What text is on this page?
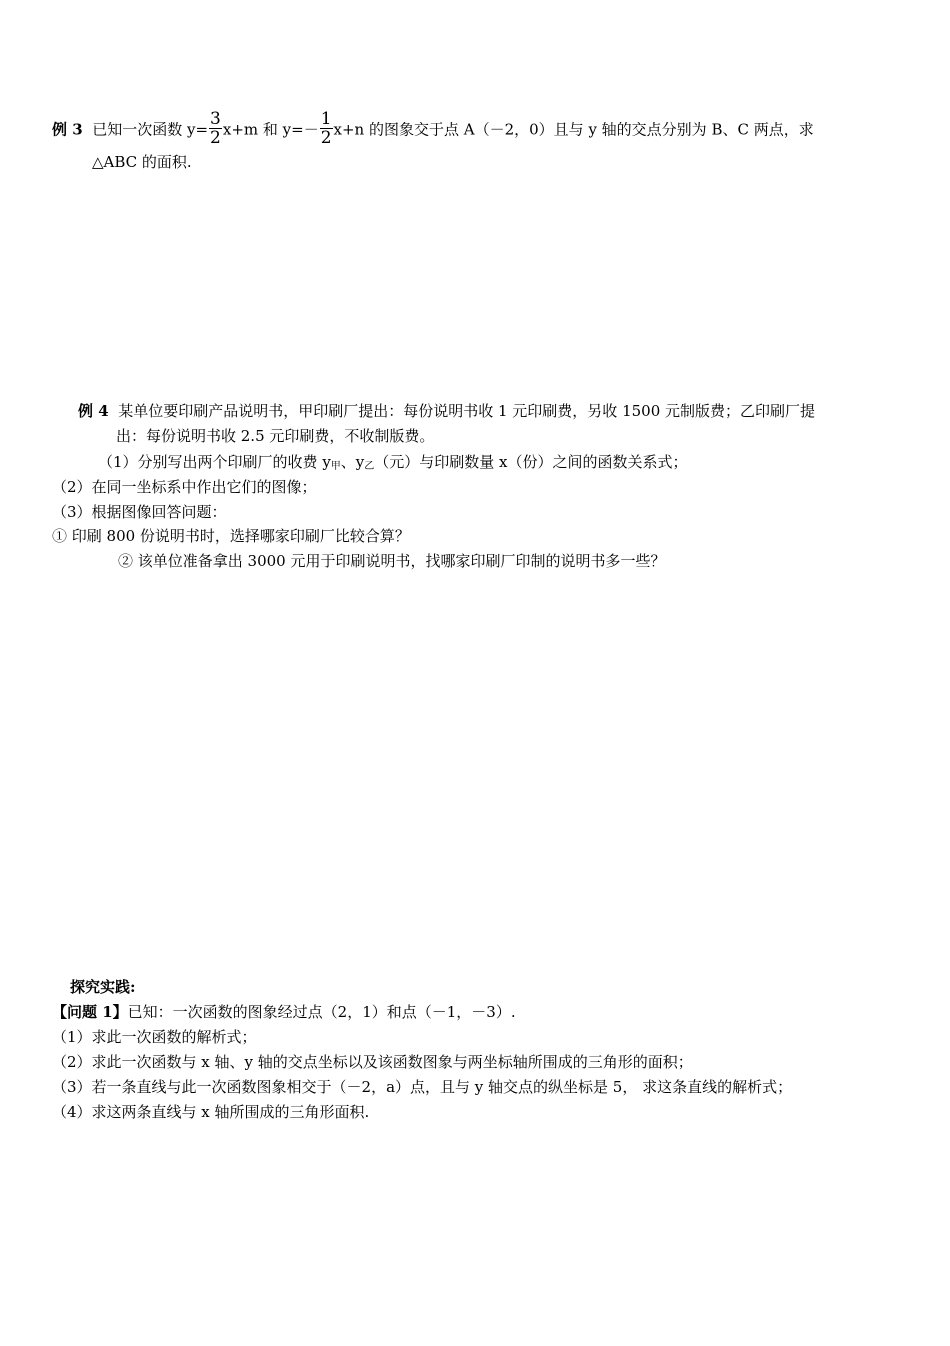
例 3 已知一次函数 $y= \frac{3}{2} x+m$ 和 $y=- \frac{1}{2} x+n$ 的图象交于点 A（－2，0）且与 y 轴的交点分别为 B、C 两点，求
△ABC 的面积.
例 4 某单位要印刷产品说明书，甲印刷厂提出：每份说明书收 1 元印刷费，另收 1500 元制版费；乙印刷厂提
出：每份说明书收 2.5 元印刷费，不收制版费。
（1）分别写出两个印刷厂的收费 $y_甲$、$y_乙$（元）与印刷数量 x（份）之间的函数关系式；
（2）在同一坐标系中作出它们的图像；
（3）根据图像回答问题：
① 印刷 800 份说明书时，选择哪家印刷厂比较合算？
② 该单位准备拿出 3000 元用于印刷说明书，找哪家印刷厂印制的说明书多一些？
探究实践:
【问题 1】已知：一次函数的图象经过点（2，1）和点（－1，－3）.
（1）求此一次函数的解析式；
（2）求此一次函数与 x 轴、y 轴的交点坐标以及该函数图象与两坐标轴所围成的三角形的面积；
（3）若一条直线与此一次函数图象相交于（－2，a）点，且与 y 轴交点的纵坐标是 5， 求这条直线的解析式；
（4）求这两条直线与 x 轴所围成的三角形面积.
